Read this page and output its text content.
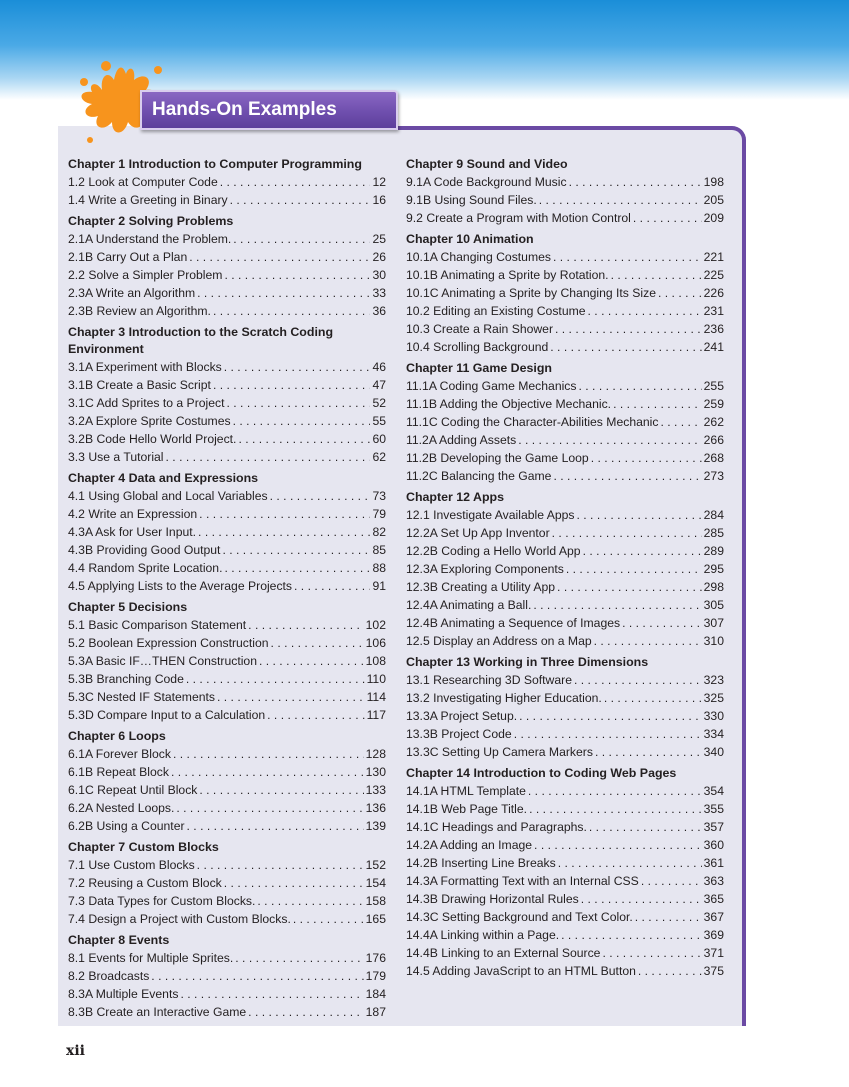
Hands-On Examples
Chapter 1 Introduction to Computer Programming
1.2 Look at Computer Code . . .	12
1.4 Write a Greeting in Binary . . .	16
Chapter 2 Solving Problems
2.1A Understand the Problem. . . .	25
2.1B Carry Out a Plan . . .	26
2.2 Solve a Simpler Problem . . .	30
2.3A Write an Algorithm . . .	33
2.3B Review an Algorithm. . . .	36
Chapter 3 Introduction to the Scratch Coding Environment
3.1A Experiment with Blocks . . .	46
3.1B Create a Basic Script . . .	47
3.1C Add Sprites to a Project . . .	52
3.2A Explore Sprite Costumes . . .	55
3.2B Code Hello World Project. . . .	60
3.3 Use a Tutorial . . .	62
Chapter 4 Data and Expressions
4.1 Using Global and Local Variables . . .	73
4.2 Write an Expression . . .	79
4.3A Ask for User Input. . . .	82
4.3B Providing Good Output . . .	85
4.4 Random Sprite Location. . . .	88
4.5 Applying Lists to the Average Projects . . .	91
Chapter 5 Decisions
5.1 Basic Comparison Statement . . .	102
5.2 Boolean Expression Construction . . .	106
5.3A Basic IF…THEN Construction . . .	108
5.3B Branching Code . . .	110
5.3C Nested IF Statements . . .	114
5.3D Compare Input to a Calculation . . .	117
Chapter 6 Loops
6.1A Forever Block . . .	128
6.1B Repeat Block . . .	130
6.1C Repeat Until Block . . .	133
6.2A Nested Loops. . . .	136
6.2B Using a Counter . . .	139
Chapter 7 Custom Blocks
7.1 Use Custom Blocks . . .	152
7.2 Reusing a Custom Block . . .	154
7.3 Data Types for Custom Blocks. . . .	158
7.4 Design a Project with Custom Blocks. . . .	165
Chapter 8 Events
8.1 Events for Multiple Sprites. . . .	176
8.2 Broadcasts . . .	179
8.3A Multiple Events . . .	184
8.3B Create an Interactive Game . . .	187
Chapter 9 Sound and Video
9.1A Code Background Music . . .	198
9.1B Using Sound Files. . . .	205
9.2 Create a Program with Motion Control . . .	209
Chapter 10 Animation
10.1A Changing Costumes . . .	221
10.1B Animating a Sprite by Rotation. . . .	225
10.1C Animating a Sprite by Changing Its Size . . .	226
10.2 Editing an Existing Costume . . .	231
10.3 Create a Rain Shower . . .	236
10.4 Scrolling Background . . .	241
Chapter 11 Game Design
11.1A Coding Game Mechanics . . .	255
11.1B Adding the Objective Mechanic. . . .	259
11.1C Coding the Character-Abilities Mechanic . . .	262
11.2A Adding Assets . . .	266
11.2B Developing the Game Loop . . .	268
11.2C Balancing the Game . . .	273
Chapter 12 Apps
12.1 Investigate Available Apps . . .	284
12.2A Set Up App Inventor . . .	285
12.2B Coding a Hello World App . . .	289
12.3A Exploring Components . . .	295
12.3B Creating a Utility App . . .	298
12.4A Animating a Ball. . . .	305
12.4B Animating a Sequence of Images . . .	307
12.5 Display an Address on a Map . . .	310
Chapter 13 Working in Three Dimensions
13.1 Researching 3D Software . . .	323
13.2 Investigating Higher Education. . . .	325
13.3A Project Setup. . . .	330
13.3B Project Code . . .	334
13.3C Setting Up Camera Markers . . .	340
Chapter 14 Introduction to Coding Web Pages
14.1A HTML Template . . .	354
14.1B Web Page Title. . . .	355
14.1C Headings and Paragraphs. . . .	357
14.2A Adding an Image . . .	360
14.2B Inserting Line Breaks . . .	361
14.3A Formatting Text with an Internal CSS . . .	363
14.3B Drawing Horizontal Rules . . .	365
14.3C Setting Background and Text Color. . . .	367
14.4A Linking within a Page. . . .	369
14.4B Linking to an External Source . . .	371
14.5 Adding JavaScript to an HTML Button . . .	375
xii
